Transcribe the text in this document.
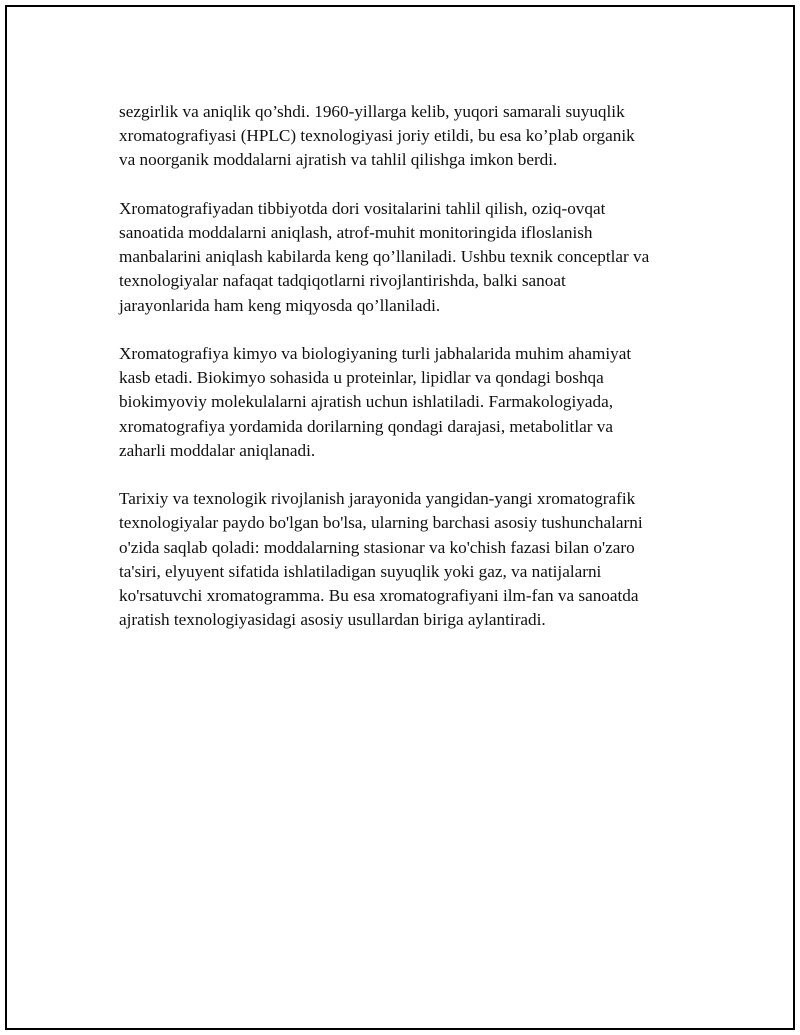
sezgirlik va aniqlik qo’shdi. 1960-yillarga kelib, yuqori samarali suyuqlik
xromatografiyasi (HPLC) texnologiyasi joriy etildi, bu esa ko’plab organik
va noorganik moddalarni ajratish va tahlil qilishga imkon berdi.

Xromatografiyadan tibbiyotda dori vositalarini tahlil qilish, oziq-ovqat
sanoatida moddalarni aniqlash, atrof-muhit monitoringida ifloslanish
manbalarini aniqlash kabilarda keng qo’llaniladi. Ushbu texnik conceptlar va
texnologiyalar nafaqat tadqiqotlarni rivojlantirishda, balki sanoat
jarayonlarida ham keng miqyosda qo’llaniladi.

Xromatografiya kimyo va biologiyaning turli jabhalarida muhim ahamiyat
kasb etadi. Biokimyo sohasida u proteinlar, lipidlar va qondagi boshqa
biokimyoviy molekulalarni ajratish uchun ishlatiladi. Farmakologiyada,
xromatografiya yordamida dorilarning qondagi darajasi, metabolitlar va
zaharli moddalar aniqlanadi.

Tarixiy va texnologik rivojlanish jarayonida yangidan-yangi xromatografik
texnologiyalar paydo bo'lgan bo'lsa, ularning barchasi asosiy tushunchalarni
o'zida saqlab qoladi: moddalarning stasionar va ko'chish fazasi bilan o'zaro
ta'siri, elyuyent sifatida ishlatiladigan suyuqlik yoki gaz, va natijalarni
ko'rsatuvchi xromatogramma. Bu esa xromatografiyani ilm-fan va sanoatda
ajratish texnologiyasidagi asosiy usullardan biriga aylantiradi.
